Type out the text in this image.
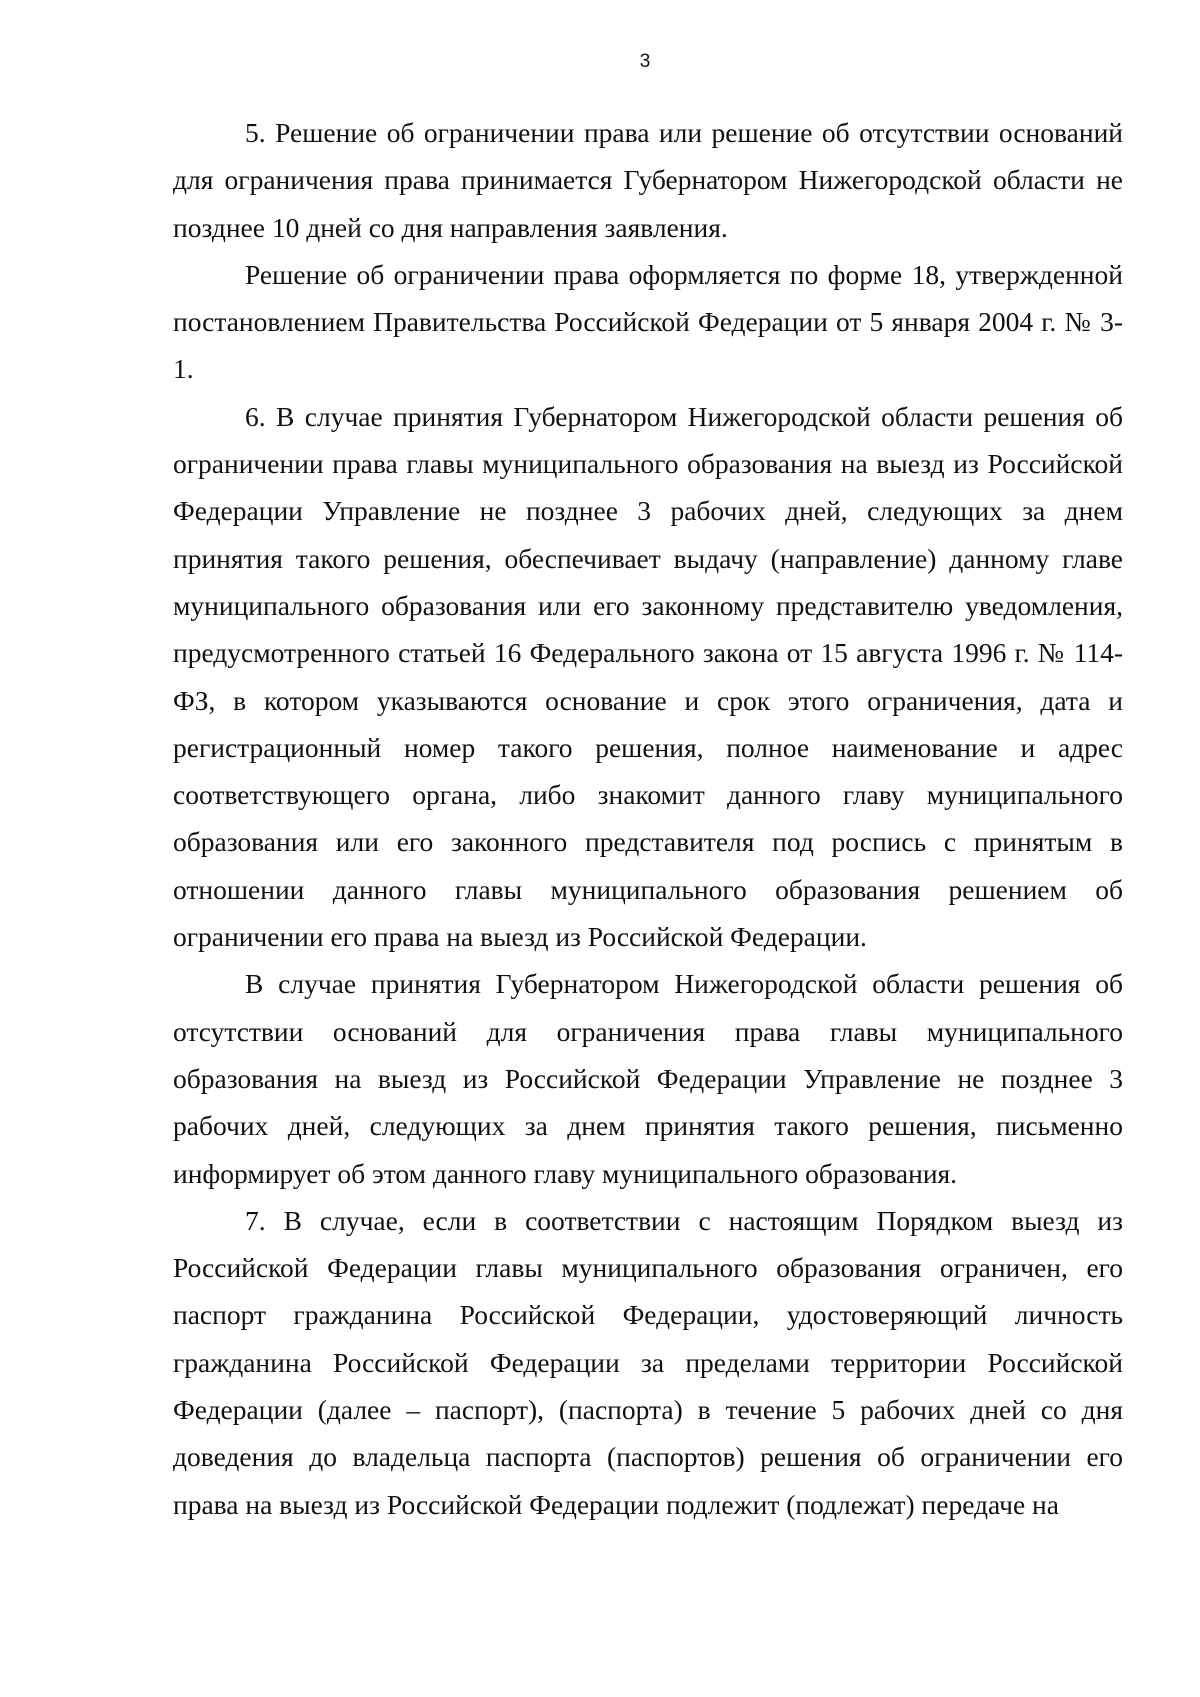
3

5. Решение об ограничении права или решение об отсутствии оснований для ограничения права принимается Губернатором Нижегородской области не позднее 10 дней со дня направления заявления.

Решение об ограничении права оформляется по форме 18, утвержденной постановлением Правительства Российской Федерации от 5 января 2004 г. № 3-1.

6. В случае принятия Губернатором Нижегородской области решения об ограничении права главы муниципального образования на выезд из Российской Федерации Управление не позднее 3 рабочих дней, следующих за днем принятия такого решения, обеспечивает выдачу (направление) данному главе муниципального образования или его законному представителю уведомления, предусмотренного статьей 16 Федерального закона от 15 августа 1996 г. № 114-ФЗ, в котором указываются основание и срок этого ограничения, дата и регистрационный номер такого решения, полное наименование и адрес соответствующего органа, либо знакомит данного главу муниципального образования или его законного представителя под роспись с принятым в отношении данного главы муниципального образования решением об ограничении его права на выезд из Российской Федерации.

В случае принятия Губернатором Нижегородской области решения об отсутствии оснований для ограничения права главы муниципального образования на выезд из Российской Федерации Управление не позднее 3 рабочих дней, следующих за днем принятия такого решения, письменно информирует об этом данного главу муниципального образования.

7. В случае, если в соответствии с настоящим Порядком выезд из Российской Федерации главы муниципального образования ограничен, его паспорт гражданина Российской Федерации, удостоверяющий личность гражданина Российской Федерации за пределами территории Российской Федерации (далее – паспорт), (паспорта) в течение 5 рабочих дней со дня доведения до владельца паспорта (паспортов) решения об ограничении его права на выезд из Российской Федерации подлежит (подлежат) передаче на
